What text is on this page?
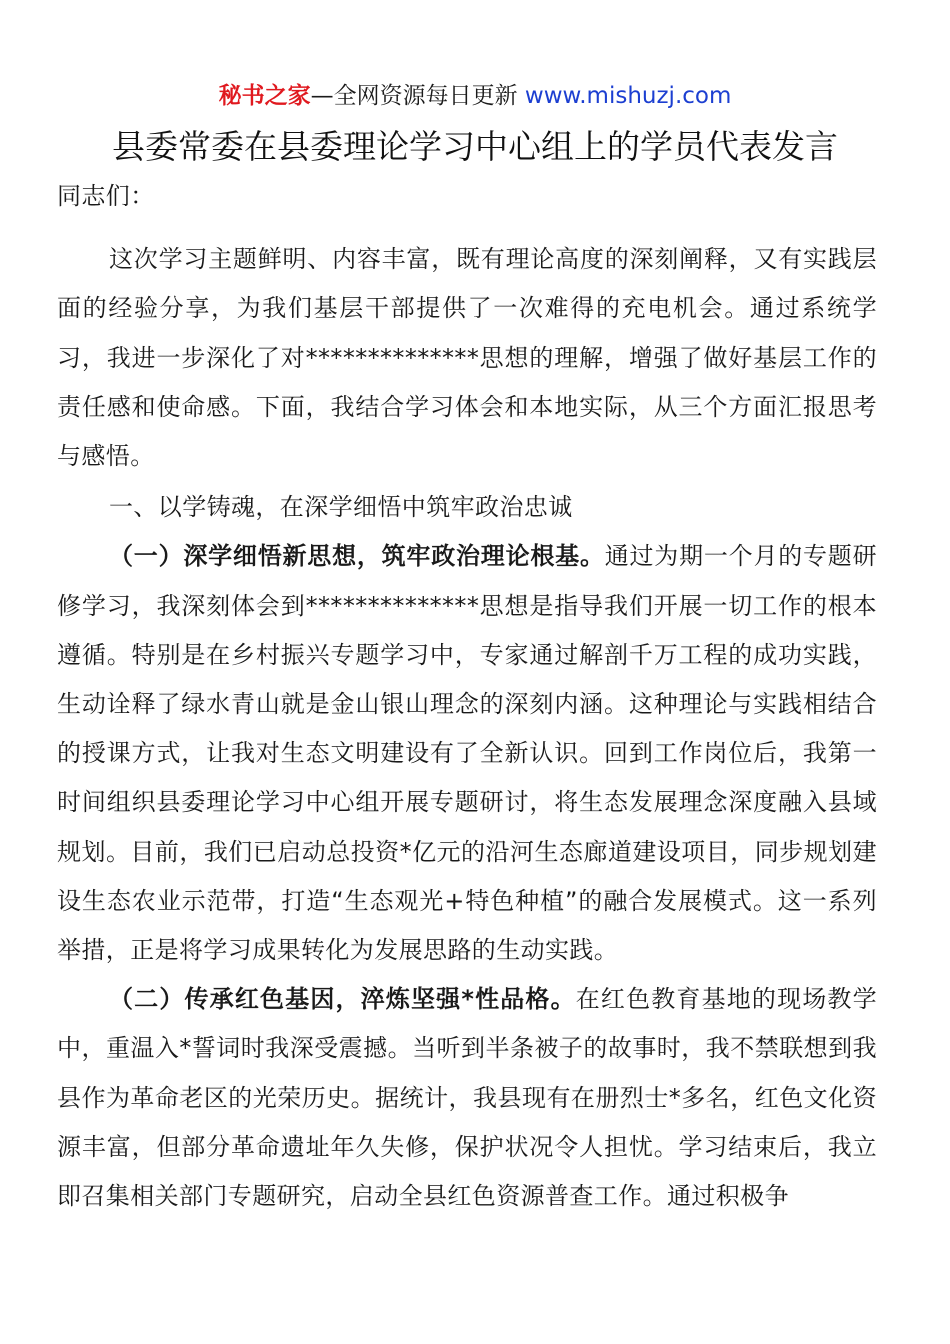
秘书之家—全网资源每日更新 www.mishuzj.com
县委常委在县委理论学习中心组上的学员代表发言

同志们：

这次学习主题鲜明、内容丰富，既有理论高度的深刻阐释，又有实践层面的经验分享，为我们基层干部提供了一次难得的充电机会。通过系统学习，我进一步深化了对**************思想的理解，增强了做好基层工作的责任感和使命感。下面，我结合学习体会和本地实际，从三个方面汇报思考与感悟。

一、以学铸魂，在深学细悟中筑牢政治忠诚

（一）深学细悟新思想，筑牢政治理论根基。通过为期一个月的专题研修学习，我深刻体会到**************思想是指导我们开展一切工作的根本遵循。特别是在乡村振兴专题学习中，专家通过解剖千万工程的成功实践，生动诠释了绿水青山就是金山银山理念的深刻内涵。这种理论与实践相结合的授课方式，让我对生态文明建设有了全新认识。回到工作岗位后，我第一时间组织县委理论学习中心组开展专题研讨，将生态发展理念深度融入县域规划。目前，我们已启动总投资*亿元的沿河生态廊道建设项目，同步规划建设生态农业示范带，打造“生态观光+特色种植”的融合发展模式。这一系列举措，正是将学习成果转化为发展思路的生动实践。

（二）传承红色基因，淬炼坚强*性品格。在红色教育基地的现场教学中，重温入*誓词时我深受震撼。当听到半条被子的故事时，我不禁联想到我县作为革命老区的光荣历史。据统计，我县现有在册烈士*多名，红色文化资源丰富，但部分革命遗址年久失修，保护状况令人担忧。学习结束后，我立即召集相关部门专题研究，启动全县红色资源普查工作。通过积极争
